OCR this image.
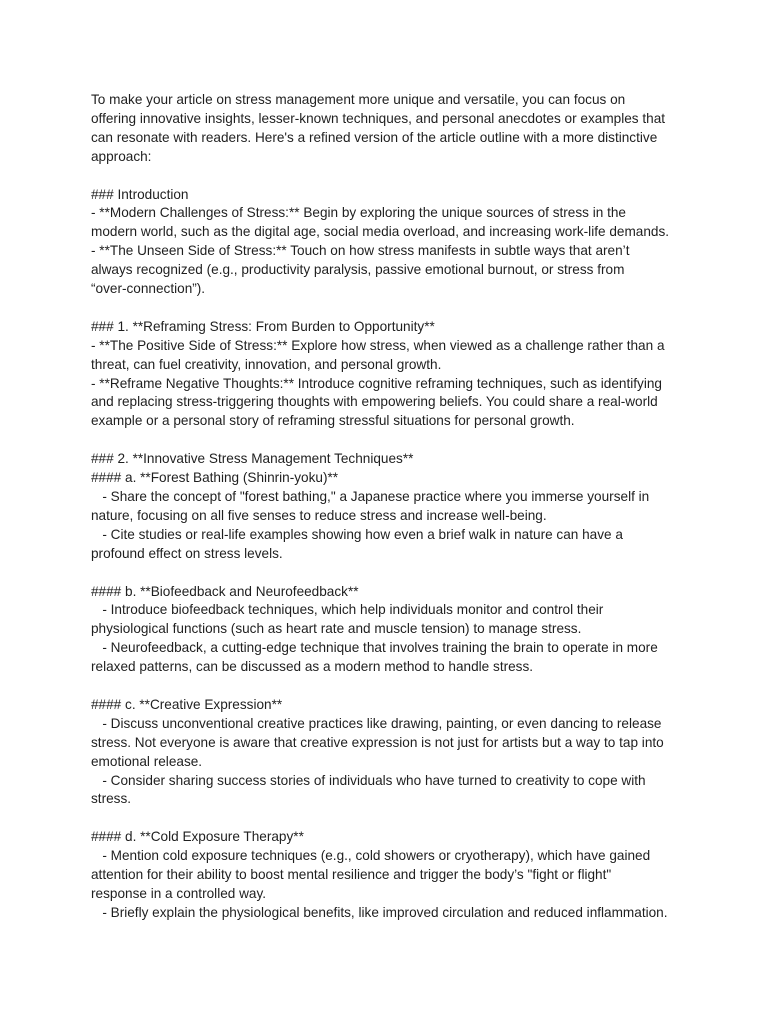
To make your article on stress management more unique and versatile, you can focus on
offering innovative insights, lesser-known techniques, and personal anecdotes or examples that
can resonate with readers. Here's a refined version of the article outline with a more distinctive
approach:
### Introduction
- **Modern Challenges of Stress:** Begin by exploring the unique sources of stress in the
modern world, such as the digital age, social media overload, and increasing work-life demands.
- **The Unseen Side of Stress:** Touch on how stress manifests in subtle ways that aren’t
always recognized (e.g., productivity paralysis, passive emotional burnout, or stress from
“over-connection”).
### 1. **Reframing Stress: From Burden to Opportunity**
- **The Positive Side of Stress:** Explore how stress, when viewed as a challenge rather than a
threat, can fuel creativity, innovation, and personal growth.
- **Reframe Negative Thoughts:** Introduce cognitive reframing techniques, such as identifying
and replacing stress-triggering thoughts with empowering beliefs. You could share a real-world
example or a personal story of reframing stressful situations for personal growth.
### 2. **Innovative Stress Management Techniques**
#### a. **Forest Bathing (Shinrin-yoku)**
- Share the concept of "forest bathing," a Japanese practice where you immerse yourself in
nature, focusing on all five senses to reduce stress and increase well-being.
- Cite studies or real-life examples showing how even a brief walk in nature can have a
profound effect on stress levels.
#### b. **Biofeedback and Neurofeedback**
- Introduce biofeedback techniques, which help individuals monitor and control their
physiological functions (such as heart rate and muscle tension) to manage stress.
- Neurofeedback, a cutting-edge technique that involves training the brain to operate in more
relaxed patterns, can be discussed as a modern method to handle stress.
#### c. **Creative Expression**
- Discuss unconventional creative practices like drawing, painting, or even dancing to release
stress. Not everyone is aware that creative expression is not just for artists but a way to tap into
emotional release.
- Consider sharing success stories of individuals who have turned to creativity to cope with
stress.
#### d. **Cold Exposure Therapy**
- Mention cold exposure techniques (e.g., cold showers or cryotherapy), which have gained
attention for their ability to boost mental resilience and trigger the body’s "fight or flight"
response in a controlled way.
- Briefly explain the physiological benefits, like improved circulation and reduced inflammation.
